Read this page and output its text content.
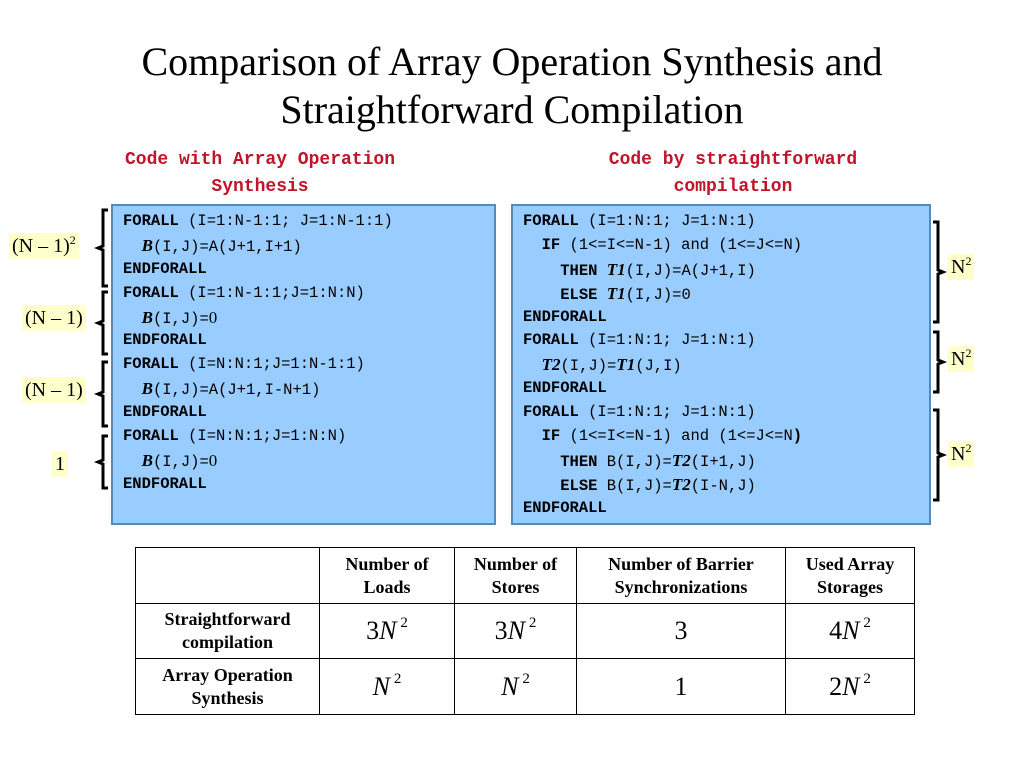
Comparison of Array Operation Synthesis and
Straightforward Compilation
Code with Array Operation
Synthesis
Code by straightforward
compilation
FORALL (I=1:N-1:1; J=1:N-1:1)
B(I,J)=A(J+1,I+1)
ENDFORALL
FORALL (I=1:N-1:1;J=1:N:N)
B(I,J)=0
ENDFORALL
FORALL (I=N:N:1;J=1:N-1:1)
B(I,J)=A(J+1,I-N+1)
ENDFORALL
FORALL (I=N:N:1;J=1:N:N)
B(I,J)=0
ENDFORALL
FORALL (I=1:N:1; J=1:N:1)
IF (1<=I<=N-1) and (1<=J<=N)
THEN T1(I,J)=A(J+1,I)
ELSE T1(I,J)=0
ENDFORALL
FORALL (I=1:N:1; J=1:N:1)
T2(I,J)=T1(J,I)
ENDFORALL
FORALL (I=1:N:1; J=1:N:1)
IF (1<=I<=N-1) and (1<=J<=N)
THEN B(I,J)=T2(I+1,J)
ELSE B(I,J)=T2(I-N,J)
ENDFORALL
(N – 1)$^2$
(N – 1)
(N – 1)
1
$N^2$
$N^2$
$N^2$
	Number of Loads	Number of Stores	Number of Barrier Synchronizations	Used Array Storages
Straightforward compilation	3N $^2$	3N $^2$	3	4N $^2$
Array Operation Synthesis	N $^2$	N $^2$	1	2N $^2$
